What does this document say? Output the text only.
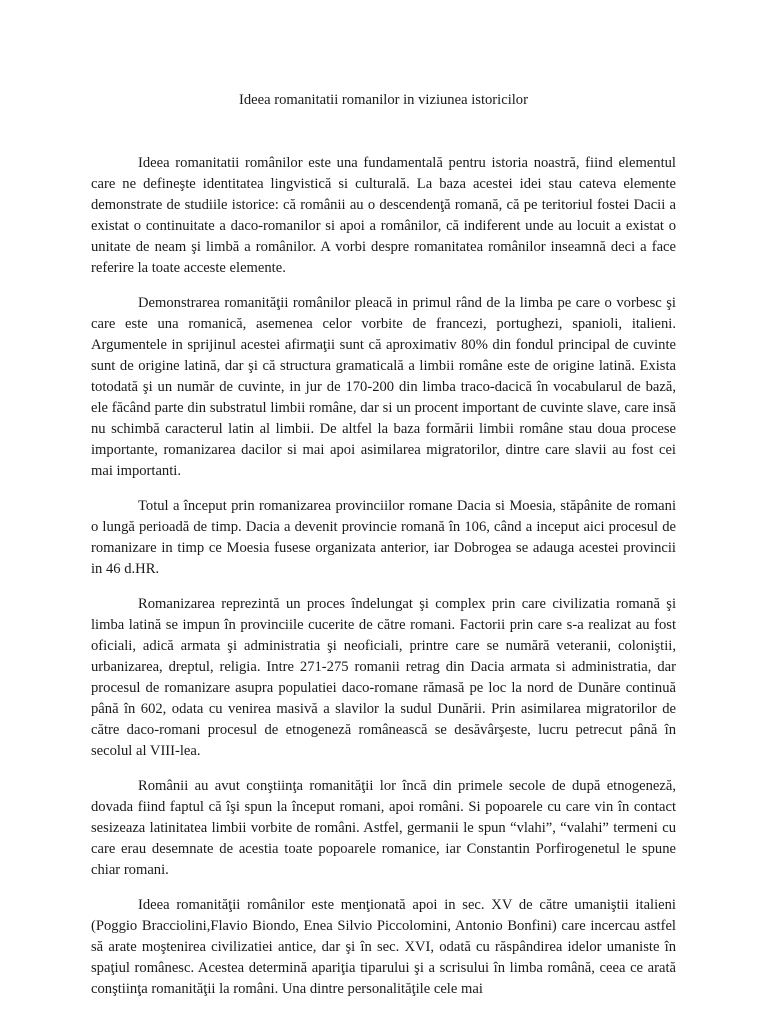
Ideea romanitatii romanilor in viziunea istoricilor

Ideea romanitatii românilor este una fundamentală pentru istoria noastră, fiind elementul care ne defineşte identitatea lingvistică si culturală. La baza acestei idei stau cateva elemente demonstrate de studiile istorice: că românii au o descendenţă romană, că pe teritoriul fostei Dacii a existat o continuitate a daco-romanilor si apoi a românilor, că indiferent unde au locuit a existat o unitate de neam şi limbă a românilor. A vorbi despre romanitatea românilor inseamnă deci a face referire la toate acceste elemente.

Demonstrarea romanităţii românilor pleacă in primul rând de la limba pe care o vorbesc şi care este una romanică, asemenea celor vorbite de francezi, portughezi, spanioli, italieni. Argumentele in sprijinul acestei afirmaţii sunt că aproximativ 80% din fondul principal de cuvinte sunt de origine latină, dar şi că structura gramaticală a limbii române este de origine latină. Exista totodată şi un număr de cuvinte, in jur de 170-200 din limba traco-dacică în vocabularul de bază, ele făcând parte din substratul limbii române, dar si un procent important de cuvinte slave, care insă nu schimbă caracterul latin al limbii. De altfel la baza formării limbii române stau doua procese importante, romanizarea dacilor si mai apoi asimilarea migratorilor, dintre care slavii au fost cei mai importanti.

Totul a început prin romanizarea provinciilor romane Dacia si Moesia, stăpânite de romani o lungă perioadă de timp. Dacia a devenit provincie romană în 106, când a inceput aici procesul de romanizare in timp ce Moesia fusese organizata anterior, iar Dobrogea se adauga acestei provincii in 46 d.HR.

Romanizarea reprezintă un proces îndelungat şi complex prin care civilizatia romană şi limba latină se impun în provinciile cucerite de către romani. Factorii prin care s-a realizat au fost oficiali, adică armata şi administratia şi neoficiali, printre care se numără veteranii, coloniştii, urbanizarea, dreptul, religia. Intre 271-275 romanii retrag din Dacia armata si administratia, dar procesul de romanizare asupra populatiei daco-romane rămasă pe loc la nord de Dunăre continuă până în 602, odata cu venirea masivă a slavilor la sudul Dunării. Prin asimilarea migratorilor de către daco-romani procesul de etnogeneză românească se desăvârşeste, lucru petrecut până în secolul al VIII-lea.

Românii au avut conştiinţa romanităţii lor încă din primele secole de după etnogeneză, dovada fiind faptul că îşi spun la început romani, apoi români. Si popoarele cu care vin în contact sesizeaza latinitatea limbii vorbite de români. Astfel, germanii le spun “vlahi”, “valahi” termeni cu care erau desemnate de acestia toate popoarele romanice, iar Constantin Porfirogenetul le spune chiar romani.

Ideea romanităţii românilor este menţionată apoi in sec. XV de către umaniştii italieni (Poggio Bracciolini,Flavio Biondo, Enea Silvio Piccolomini, Antonio Bonfini) care incercau astfel să arate moştenirea civilizatiei antice, dar şi în sec. XVI, odată cu răspândirea idelor umaniste în spaţiul românesc. Acestea determină apariţia tiparului şi a scrisului în limba română, ceea ce arată conştiinţa romanităţii la români. Una dintre personalităţile cele mai
